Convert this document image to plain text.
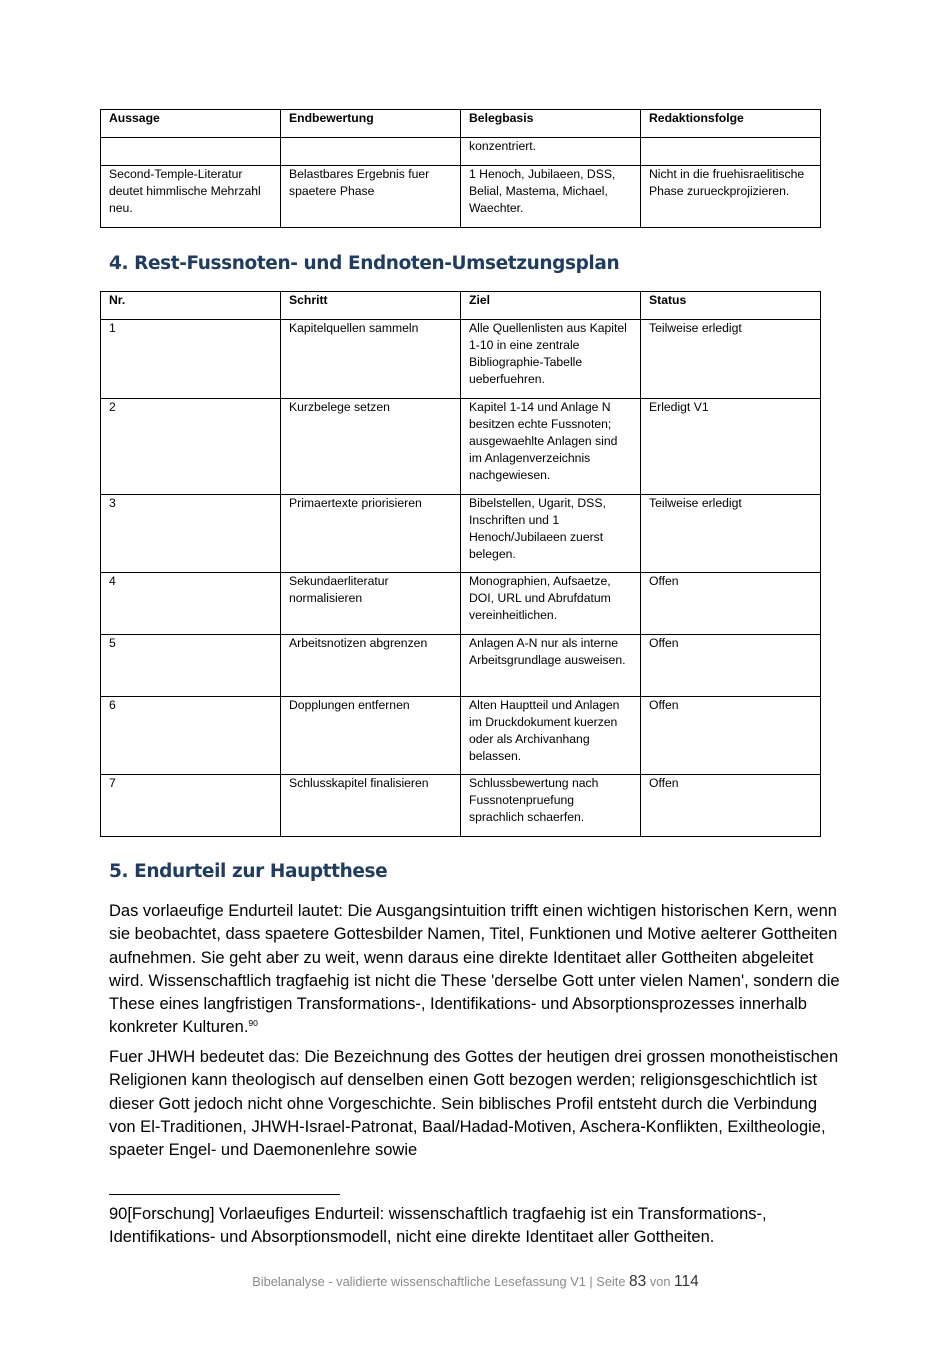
Aussage	Endbewertung	Belegbasis	Redaktionsfolge
		konzentriert.	
Second-Temple-Literatur deutet himmlische Mehrzahl neu.	Belastbares Ergebnis fuer spaetere Phase	1 Henoch, Jubilaeen, DSS, Belial, Mastema, Michael, Waechter.	Nicht in die fruehisraelitische Phase zurueckprojizieren.
4. Rest-Fussnoten- und Endnoten-Umsetzungsplan
Nr.	Schritt	Ziel	Status
1	Kapitelquellen sammeln	Alle Quellenlisten aus Kapitel 1-10 in eine zentrale Bibliographie-Tabelle ueberfuehren.	Teilweise erledigt
2	Kurzbelege setzen	Kapitel 1-14 und Anlage N besitzen echte Fussnoten; ausgewaehlte Anlagen sind im Anlagenverzeichnis nachgewiesen.	Erledigt V1
3	Primaertexte priorisieren	Bibelstellen, Ugarit, DSS, Inschriften und 1 Henoch/Jubilaeen zuerst belegen.	Teilweise erledigt
4	Sekundaerliteratur normalisieren	Monographien, Aufsaetze, DOI, URL und Abrufdatum vereinheitlichen.	Offen
5	Arbeitsnotizen abgrenzen	Anlagen A-N nur als interne Arbeitsgrundlage ausweisen.	Offen
6	Dopplungen entfernen	Alten Hauptteil und Anlagen im Druckdokument kuerzen oder als Archivanhang belassen.	Offen
7	Schlusskapitel finalisieren	Schlussbewertung nach Fussnotenpruefung sprachlich schaerfen.	Offen
5. Endurteil zur Hauptthese

Das vorlaeufige Endurteil lautet: Die Ausgangsintuition trifft einen wichtigen historischen Kern, wenn sie beobachtet, dass spaetere Gottesbilder Namen, Titel, Funktionen und Motive aelterer Gottheiten aufnehmen. Sie geht aber zu weit, wenn daraus eine direkte Identitaet aller Gottheiten abgeleitet wird. Wissenschaftlich tragfaehig ist nicht die These 'derselbe Gott unter vielen Namen', sondern die These eines langfristigen Transformations-, Identifikations- und Absorptionsprozesses innerhalb konkreter Kulturen.$^{90}$

Fuer JHWH bedeutet das: Die Bezeichnung des Gottes der heutigen drei grossen monotheistischen Religionen kann theologisch auf denselben einen Gott bezogen werden; religionsgeschichtlich ist dieser Gott jedoch nicht ohne Vorgeschichte. Sein biblisches Profil entsteht durch die Verbindung von El-Traditionen, JHWH-Israel-Patronat, Baal/Hadad-Motiven, Aschera-Konflikten, Exiltheologie, spaeter Engel- und Daemonenlehre sowie

90[Forschung] Vorlaeufiges Endurteil: wissenschaftlich tragfaehig ist ein Transformations-, Identifikations- und Absorptionsmodell, nicht eine direkte Identitaet aller Gottheiten.

Bibelanalyse - validierte wissenschaftliche Lesefassung V1 | Seite 83 von 114
